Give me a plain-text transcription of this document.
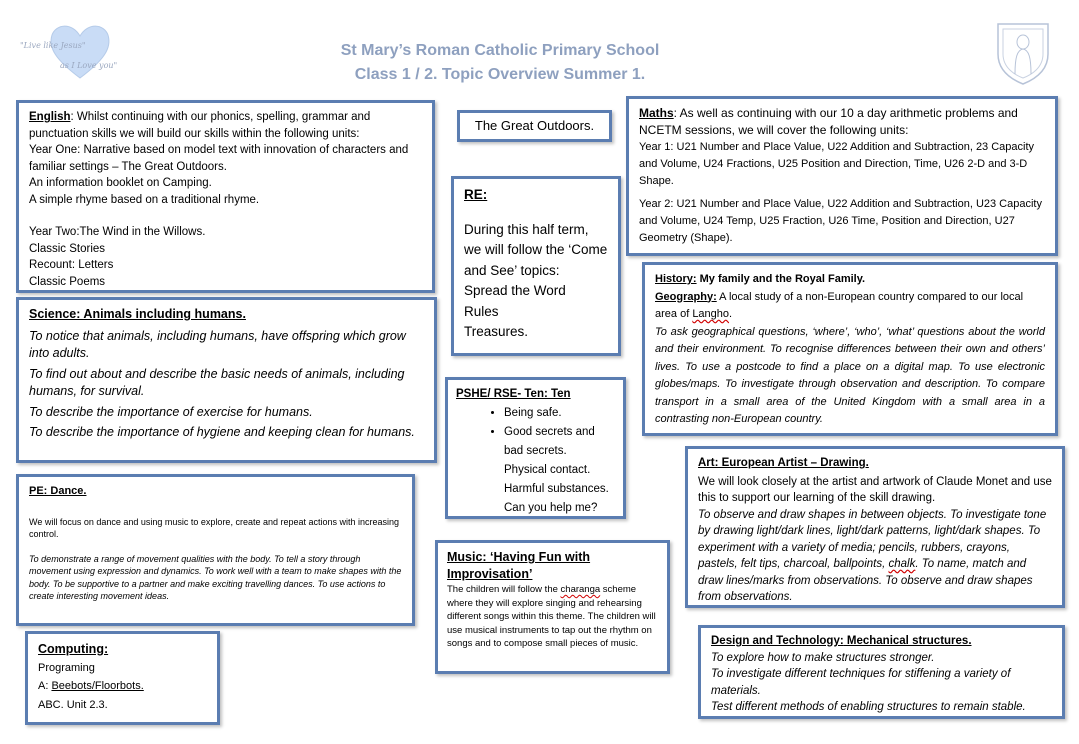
"Live like Jesus"
as I Love you"
St Mary’s Roman Catholic Primary School
Class 1 / 2. Topic Overview Summer 1.

English: Whilst continuing with our phonics, spelling, grammar and punctuation skills we will build our skills within the following units:

Year One: Narrative based on model text with innovation of characters and familiar settings – The Great Outdoors.

An information booklet on Camping.

A simple rhyme based on a traditional rhyme.

Year Two:The Wind in the Willows.

Classic Stories

Recount: Letters

Classic Poems

The Great Outdoors.

Maths: As well as continuing with our 10 a day arithmetic problems and NCETM sessions, we will cover the following units:

Year 1: U21 Number and Place Value, U22 Addition and Subtraction, 23 Capacity and Volume, U24 Fractions, U25 Position and Direction, Time, U26 2-D and 3-D Shape.

Year 2: U21 Number and Place Value, U22 Addition and Subtraction, U23 Capacity and Volume, U24 Temp, U25 Fraction, U26 Time, Position and Direction, U27 Geometry (Shape).

RE:

During this half term, we will follow the ‘Come and See’ topics:

Spread the Word

Rules

Treasures.

Science: Animals including humans.

To notice that animals, including humans, have offspring which grow into adults.

To find out about and describe the basic needs of animals, including humans, for survival.

To describe the importance of exercise for humans.

To describe the importance of hygiene and keeping clean for humans.

History: My family and the Royal Family.

Geography: A local study of a non-European country compared to our local area of Langho.

To ask geographical questions, ‘where’, ‘who’, ‘what’ questions about the world and their environment. To recognise differences between their own and others’ lives. To use a postcode to find a place on a digital map. To use electronic globes/maps. To investigate through observation and description. To compare transport in a small area of the United Kingdom with a small area in a contrasting non-European country.

PSHE/ RSE- Ten: Ten

• Being safe.
• Good secrets and bad secrets.
Physical contact.
Harmful substances.
Can you help me?

PE: Dance.

We will focus on dance and using music to explore, create and repeat actions with increasing control.

To demonstrate a range of movement qualities with the body. To tell a story through movement using expression and dynamics. To work well with a team to make shapes with the body. To be supportive to a partner and make exciting travelling dances. To use actions to create interesting movement ideas.

Art: European Artist – Drawing.

We will look closely at the artist and artwork of Claude Monet and use this to support our learning of the skill drawing.

To observe and draw shapes in between objects. To investigate tone by drawing light/dark lines, light/dark patterns, light/dark shapes. To experiment with a variety of media; pencils, rubbers, crayons, pastels, felt tips, charcoal, ballpoints, chalk. To name, match and draw lines/marks from observations. To observe and draw shapes from observations.

Music: ‘Having Fun with Improvisation’

The children will follow the charanga scheme where they will explore singing and rehearsing different songs within this theme. The children will use musical instruments to tap out the rhythm on songs and to compose small pieces of music.

Computing:

Programing

A: Beebots/Floorbots.

ABC. Unit 2.3.

Design and Technology: Mechanical structures.

To explore how to make structures stronger.

To investigate different techniques for stiffening a variety of materials.

Test different methods of enabling structures to remain stable.
